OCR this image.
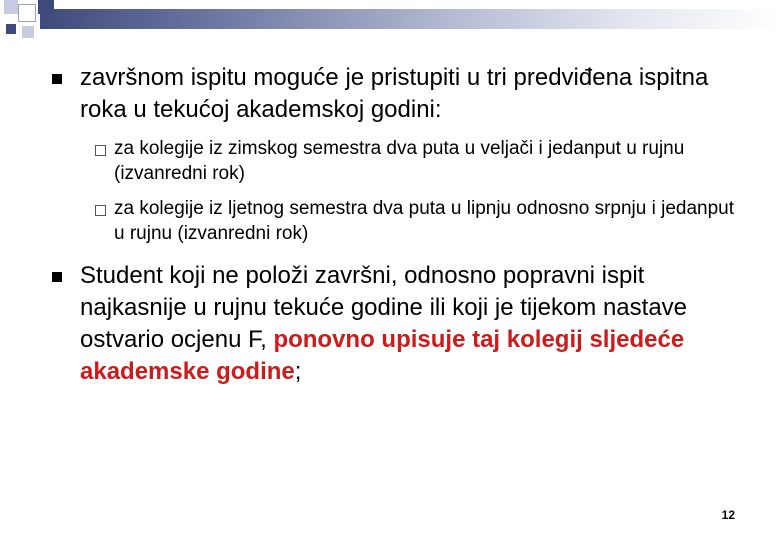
završnom ispitu moguće je pristupiti u tri predviđena ispitna roka u tekućoj akademskoj godini:
za kolegije iz zimskog semestra dva puta u veljači i jedanput u rujnu (izvanredni rok)
za kolegije iz ljetnog semestra dva puta u lipnju odnosno srpnju i jedanput u rujnu (izvanredni rok)
Student koji ne položi završni, odnosno popravni ispit najkasnije u rujnu tekuće godine ili koji je tijekom nastave ostvario ocjenu F, ponovno upisuje taj kolegij sljedeće akademske godine;
12
